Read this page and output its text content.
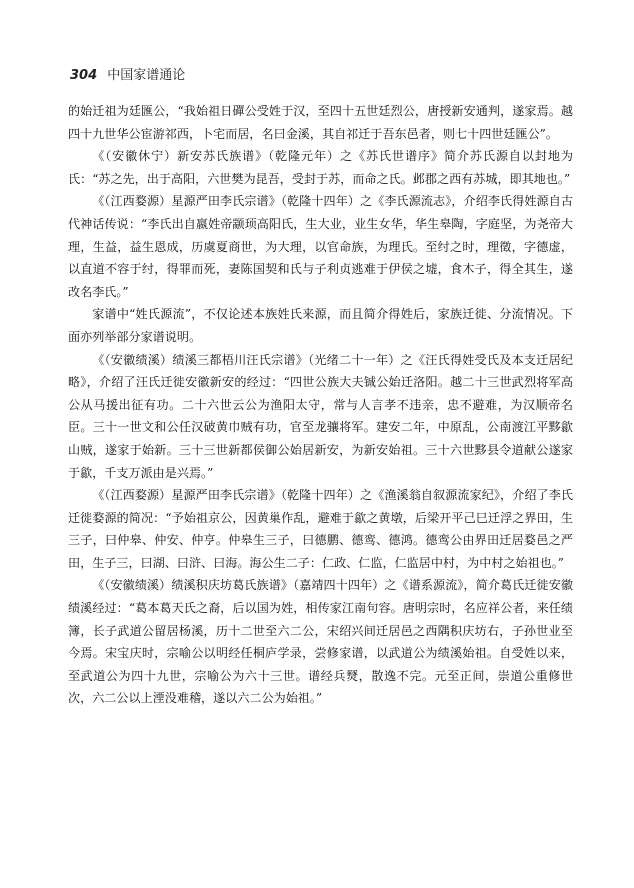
304 中国家谱通论

的始迁祖为廷匯公，“我始祖日磾公受姓于汉，至四十五世廷烈公，唐授新安通判，遂家焉。越四十九世华公宦游祁西，卜宅而居，名曰金溪，其自祁迁于吾东邑者，则七十四世廷匯公”。

《（安徽休宁）新安苏氏族谱》（乾隆元年）之《苏氏世谱序》简介苏氏源自以封地为氏：“苏之先，出于高阳，六世樊为昆吾，受封于苏，而命之氏。邺郡之西有苏城，即其地也。”

《（江西婺源）星源严田李氏宗谱》（乾隆十四年）之《李氏源流志》，介绍李氏得姓源自古代神话传说：“李氏出自嬴姓帝颛顼高阳氏，生大业，业生女华，华生皋陶，字庭坚，为尧帝大理，生益，益生恩成，历虞夏商世，为大理，以官命族，为理氏。至纣之时，理徵，字德虚，以直道不容于纣，得罪而死，妻陈国契和氏与子利贞逃难于伊侯之墟，食木子，得全其生，遂改名李氏。”

家谱中“姓氏源流”，不仅论述本族姓氏来源，而且简介得姓后，家族迁徙、分流情况。下面亦列举部分家谱说明。

《（安徽绩溪）绩溪三都梧川汪氏宗谱》（光绪二十一年）之《汪氏得姓受氏及本支迁居纪略》，介绍了汪氏迁徙安徽新安的经过：“四世公族大夫铖公始迁洛阳。越二十三世武烈将军高公从马援出征有功。二十六世云公为渔阳太守，常与人言孝不违亲，忠不避难，为汉顺帝名臣。三十一世文和公任汉破黄巾贼有功，官至龙骧将军。建安二年，中原乱，公南渡江平黟歙山贼，遂家于始新。三十三世新都侯御公始居新安，为新安始祖。三十六世黟县令道献公遂家于歙，千支万派由是兴焉。”

《（江西婺源）星源严田李氏宗谱》（乾隆十四年）之《渔溪翁自叙源流家纪》，介绍了李氏迁徙婺源的简况：“予始祖京公，因黄巢作乱，避难于歙之黄墩，后梁开平己巳迁浮之界田，生三子，曰仲皋、仲安、仲亨。仲皋生三子，曰德鹏、德鸾、德鸿。德鸾公由界田迁居婺邑之严田，生子三，曰湖、曰浒、曰海。海公生二子：仁政、仁监，仁监居中村，为中村之始祖也。”

《（安徽绩溪）绩溪积庆坊葛氏族谱》（嘉靖四十四年）之《谱系源流》，简介葛氏迁徙安徽绩溪经过：“葛本葛天氏之裔，后以国为姓，相传家江南句容。唐明宗时，名应祥公者，来任绩簿，长子武道公留居杨溪，历十二世至六二公，宋绍兴间迁居邑之西隅积庆坊右，子孙世业至今焉。宋宝庆时，宗喻公以明经任桐庐学录，尝修家谱，以武道公为绩溪始祖。自受姓以来，至武道公为四十九世，宗喻公为六十三世。谱经兵燹，散逸不完。元至正间，崇道公重修世次，六二公以上湮没难稽，遂以六二公为始祖。”
